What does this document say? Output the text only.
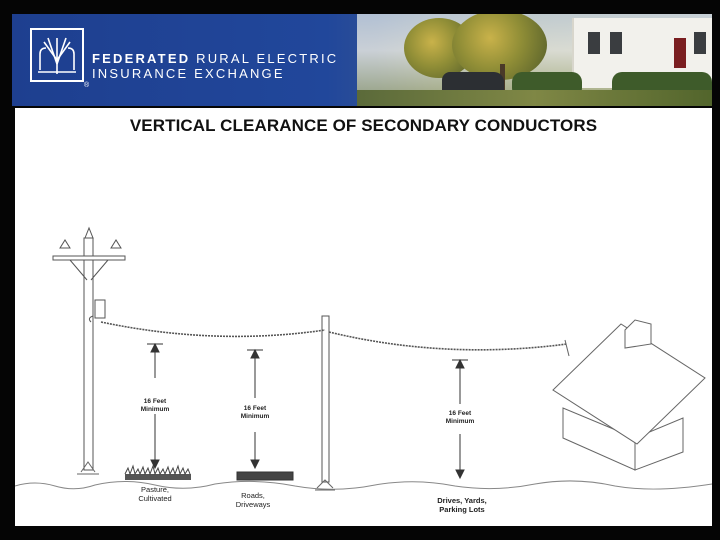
®
FEDERATED RURAL ELECTRIC
INSURANCE EXCHANGE
VERTICAL CLEARANCE OF SECONDARY CONDUCTORS
16 Feet
Minimum	16 Feet
Minimum	16 Feet
Minimum
Pasture,
Cultivated	Roads,
Driveways	Drives, Yards,
Parking Lots
